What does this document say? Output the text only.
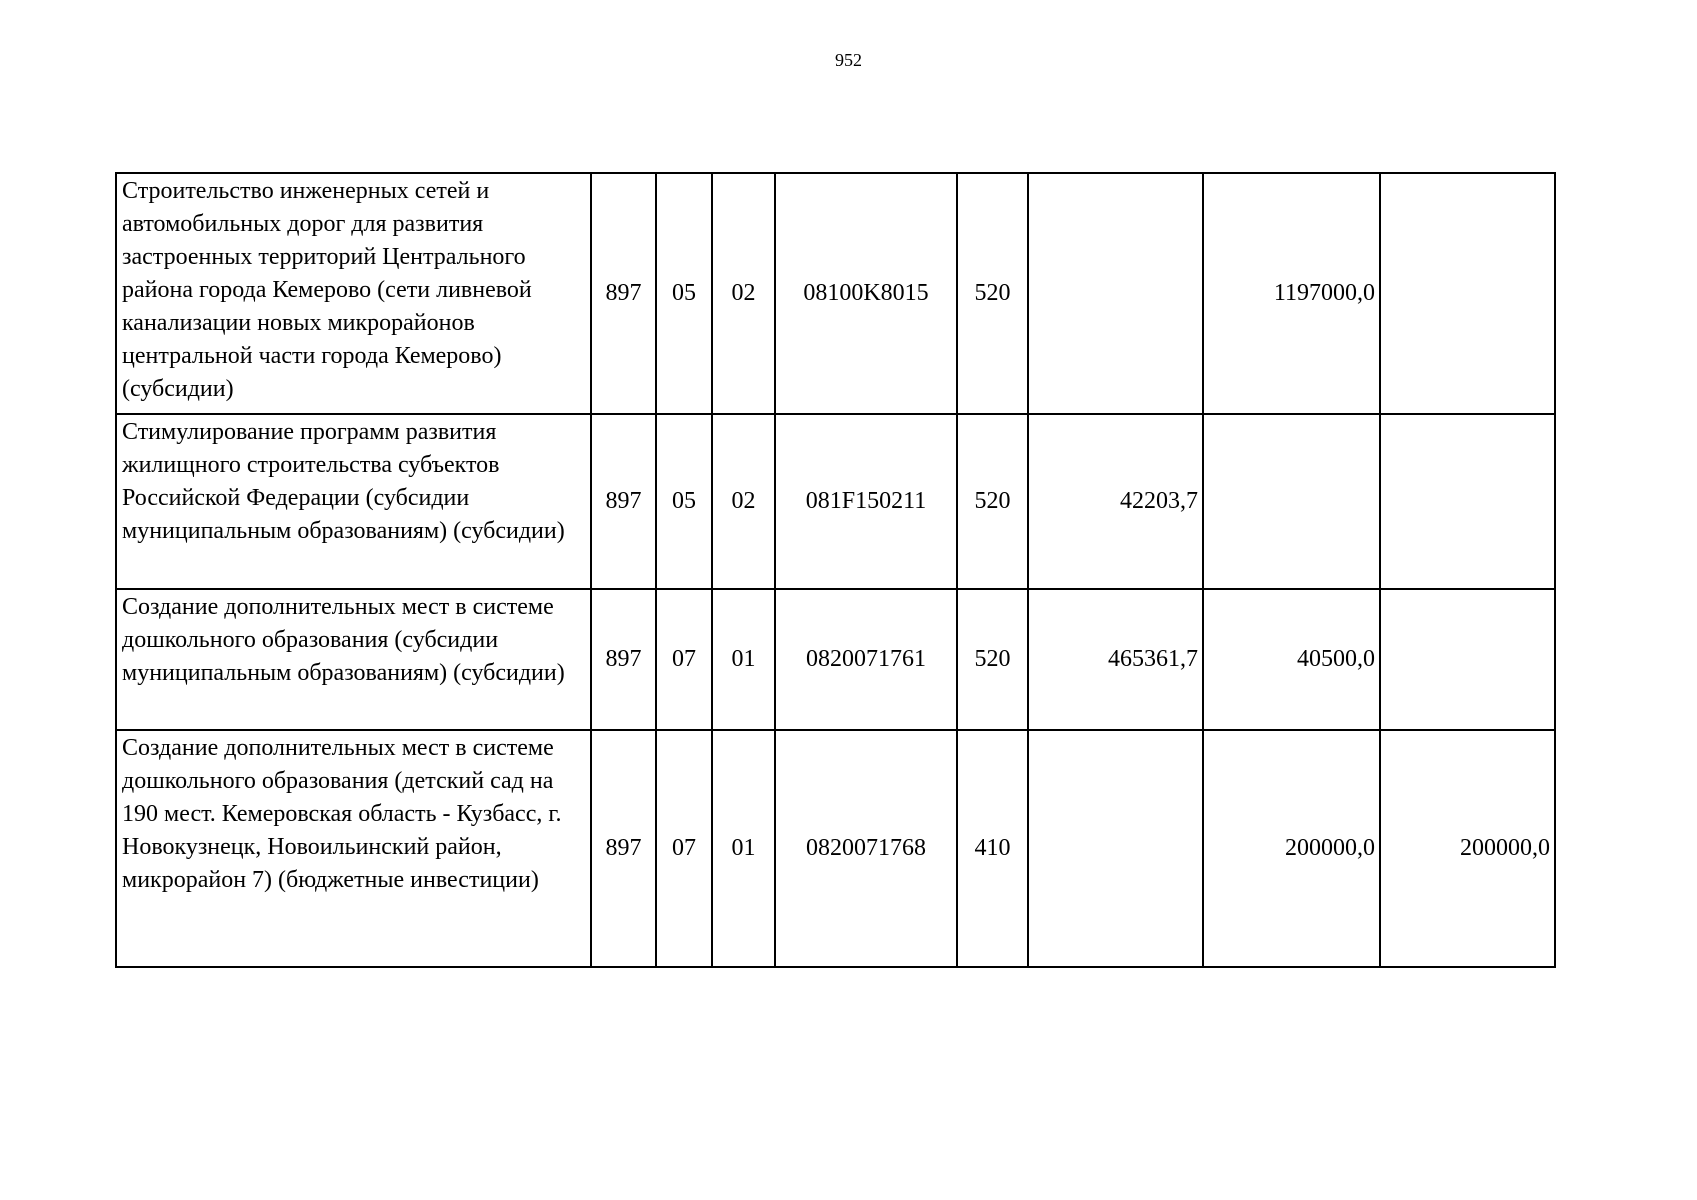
952
Строительство инженерных сетей и автомобильных дорог для развития застроенных территорий Центрального района города Кемерово (сети ливневой канализации новых микрорайонов центральной части города Кемерово) (субсидии)	897	05	02	08100K8015	520		1197000,0	
Стимулирование программ развития жилищного строительства субъектов Российской Федерации (субсидии муниципальным образованиям) (субсидии)	897	05	02	081F150211	520	42203,7		
Создание дополнительных мест в системе дошкольного образования (субсидии муниципальным образованиям) (субсидии)	897	07	01	0820071761	520	465361,7	40500,0	
Создание дополнительных мест в системе дошкольного образования (детский сад на 190 мест. Кемеровская область - Кузбасс, г. Новокузнецк, Новоильинский район, микрорайон 7) (бюджетные инвестиции)	897	07	01	0820071768	410		200000,0	200000,0
